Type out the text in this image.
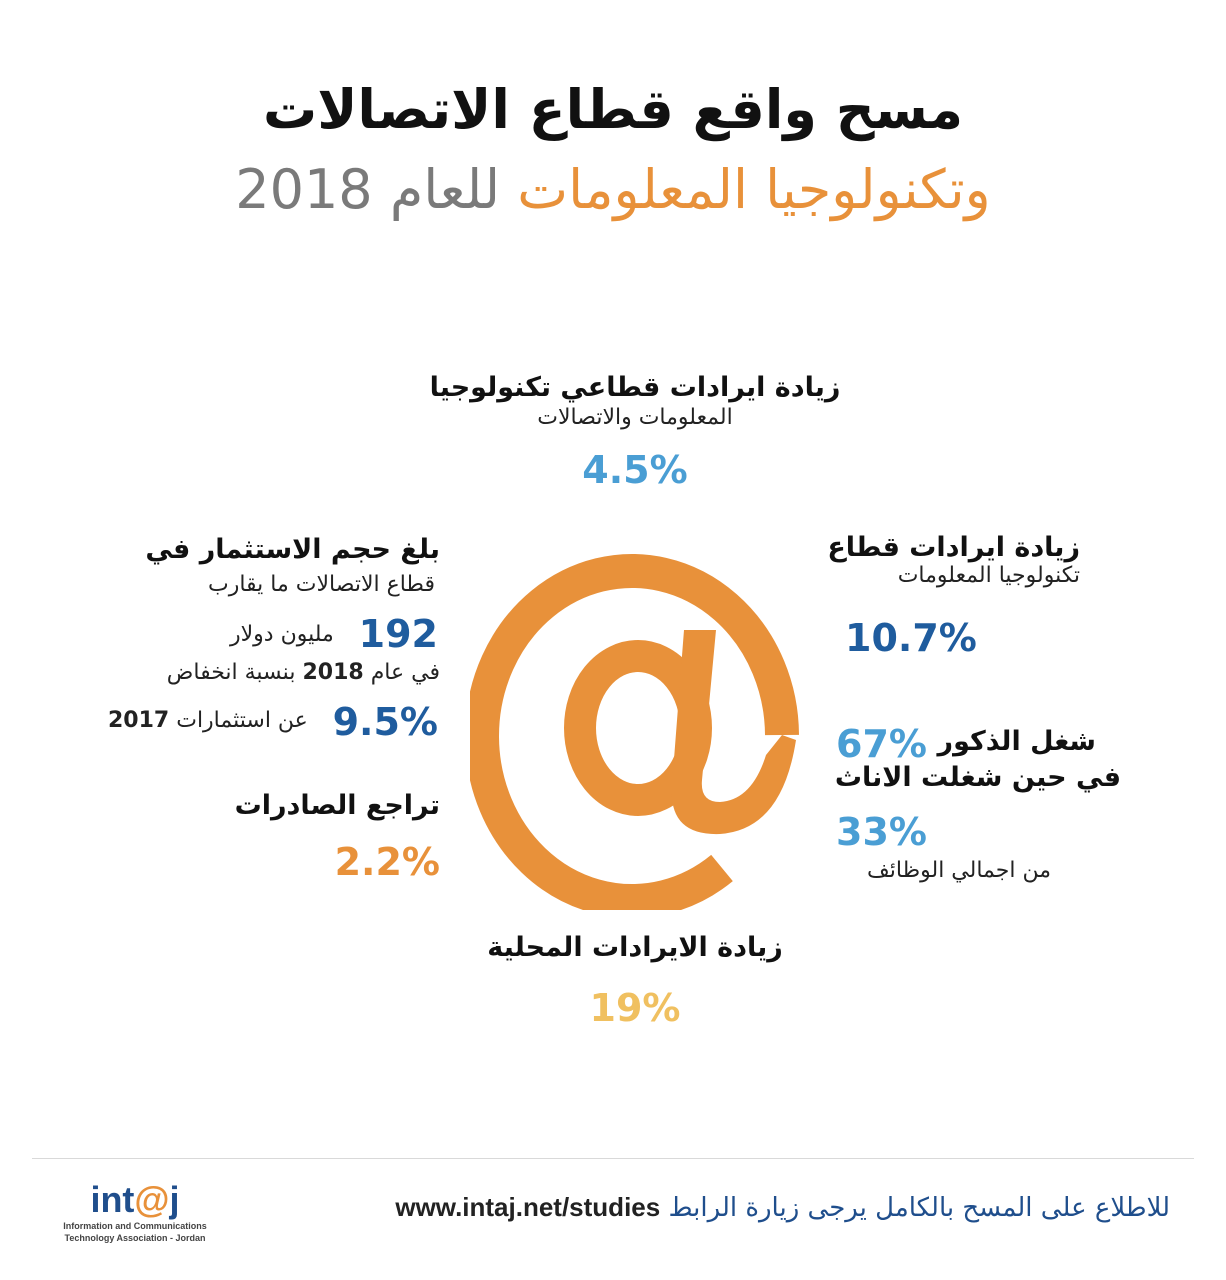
مسح واقع قطاع الاتصالات
وتكنولوجيا المعلومات للعام 2018
زيادة ايرادات قطاعي تكنولوجيا
المعلومات والاتصالات
4.5%
زيادة ايرادات قطاع
تكنولوجيا المعلومات
10.7%
67% شغل الذكور
في حين شغلت الاناث
33%
من اجمالي الوظائف
بلغ حجم الاستثمار في
قطاع الاتصالات ما يقارب
192
مليون دولار
في عام 2018 بنسبة انخفاض
9.5%
عن استثمارات 2017
تراجع الصادرات
2.2%
زيادة الايرادات المحلية
19%
int@j
Information and Communications
Technology Association - Jordan
للاطلاع على المسح بالكامل يرجى زيارة الرابط www.intaj.net/studies
